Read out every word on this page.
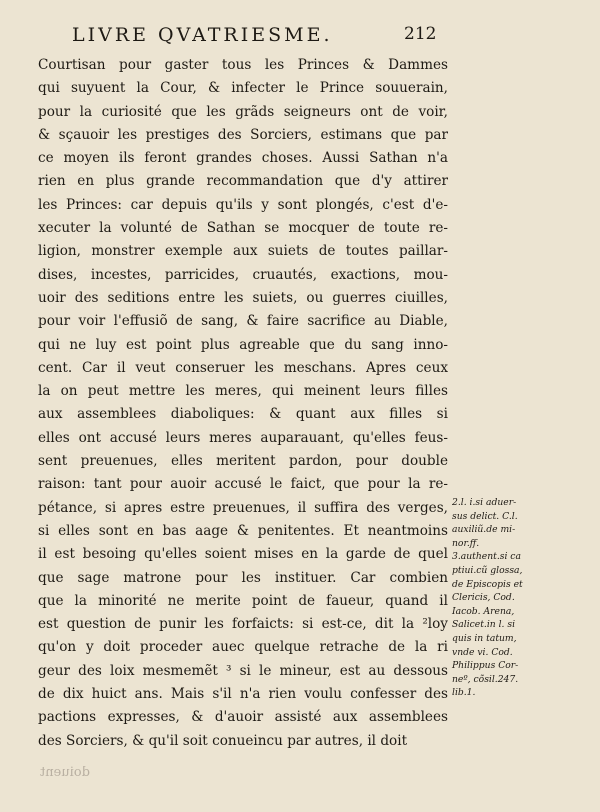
LIVRE QVATRIESME.	212
Courtisan pour gaster tous les Princes & Dammes
qui suyuent la Cour, & infecter le Prince souuerain,
pour la curiosité que les grãds seigneurs ont de voir,
& sçauoir les prestiges des Sorciers, estimans que par
ce moyen ils feront grandes choses. Aussi Sathan n'a
rien en plus grande recommandation que d'y attirer
les Princes: car depuis qu'ils y sont plongés, c'est d'e-
xecuter la volunté de Sathan se mocquer de toute re-
ligion, monstrer exemple aux suiets de toutes paillar-
dises, incestes, parricides, cruautés, exactions, mou-
uoir des seditions entre les suiets, ou guerres ciuilles,
pour voir l'effusiõ de sang, & faire sacrifice au Diable,
qui ne luy est point plus agreable que du sang inno-
cent. Car il veut conseruer les meschans. Apres ceux
la on peut mettre les meres, qui meinent leurs filles
aux assemblees diaboliques: & quant aux filles si
elles ont accusé leurs meres auparauant, qu'elles feus-
sent preuenues, elles meritent pardon, pour double
raison: tant pour auoir accusé le faict, que pour la re-
pétance, si apres estre preuenues, il suffira des verges,
si elles sont en bas aage & penitentes. Et neantmoins
il est besoing qu'elles soient mises en la garde de quel
que sage matrone pour les instituer. Car combien
que la minorité ne merite point de faueur, quand il
est question de punir les forfaicts: si est-ce, dit la ²loy
qu'on y doit proceder auec quelque retrache de la ri
geur des loix mesmemẽt ³ si le mineur, est au dessous
de dix huict ans. Mais s'il n'a rien voulu confesser des
pactions expresses, & d'auoir assisté aux assemblees
des Sorciers, & qu'il soit conueincu par autres, il doit
2.l. i.si aduer-
sus delict. C.l.
auxiliũ.de mi-
nor.ff.
3.authent.si ca
ptiui.cũ glossa,
de Episcopis et
Clericis, Cod.
Iacob. Arena,
Salicet.in l. si
quis in tatum,
vnde vi. Cod.
Philippus Cor-
neº, cõsil.247.
lib.1.
doiuent
